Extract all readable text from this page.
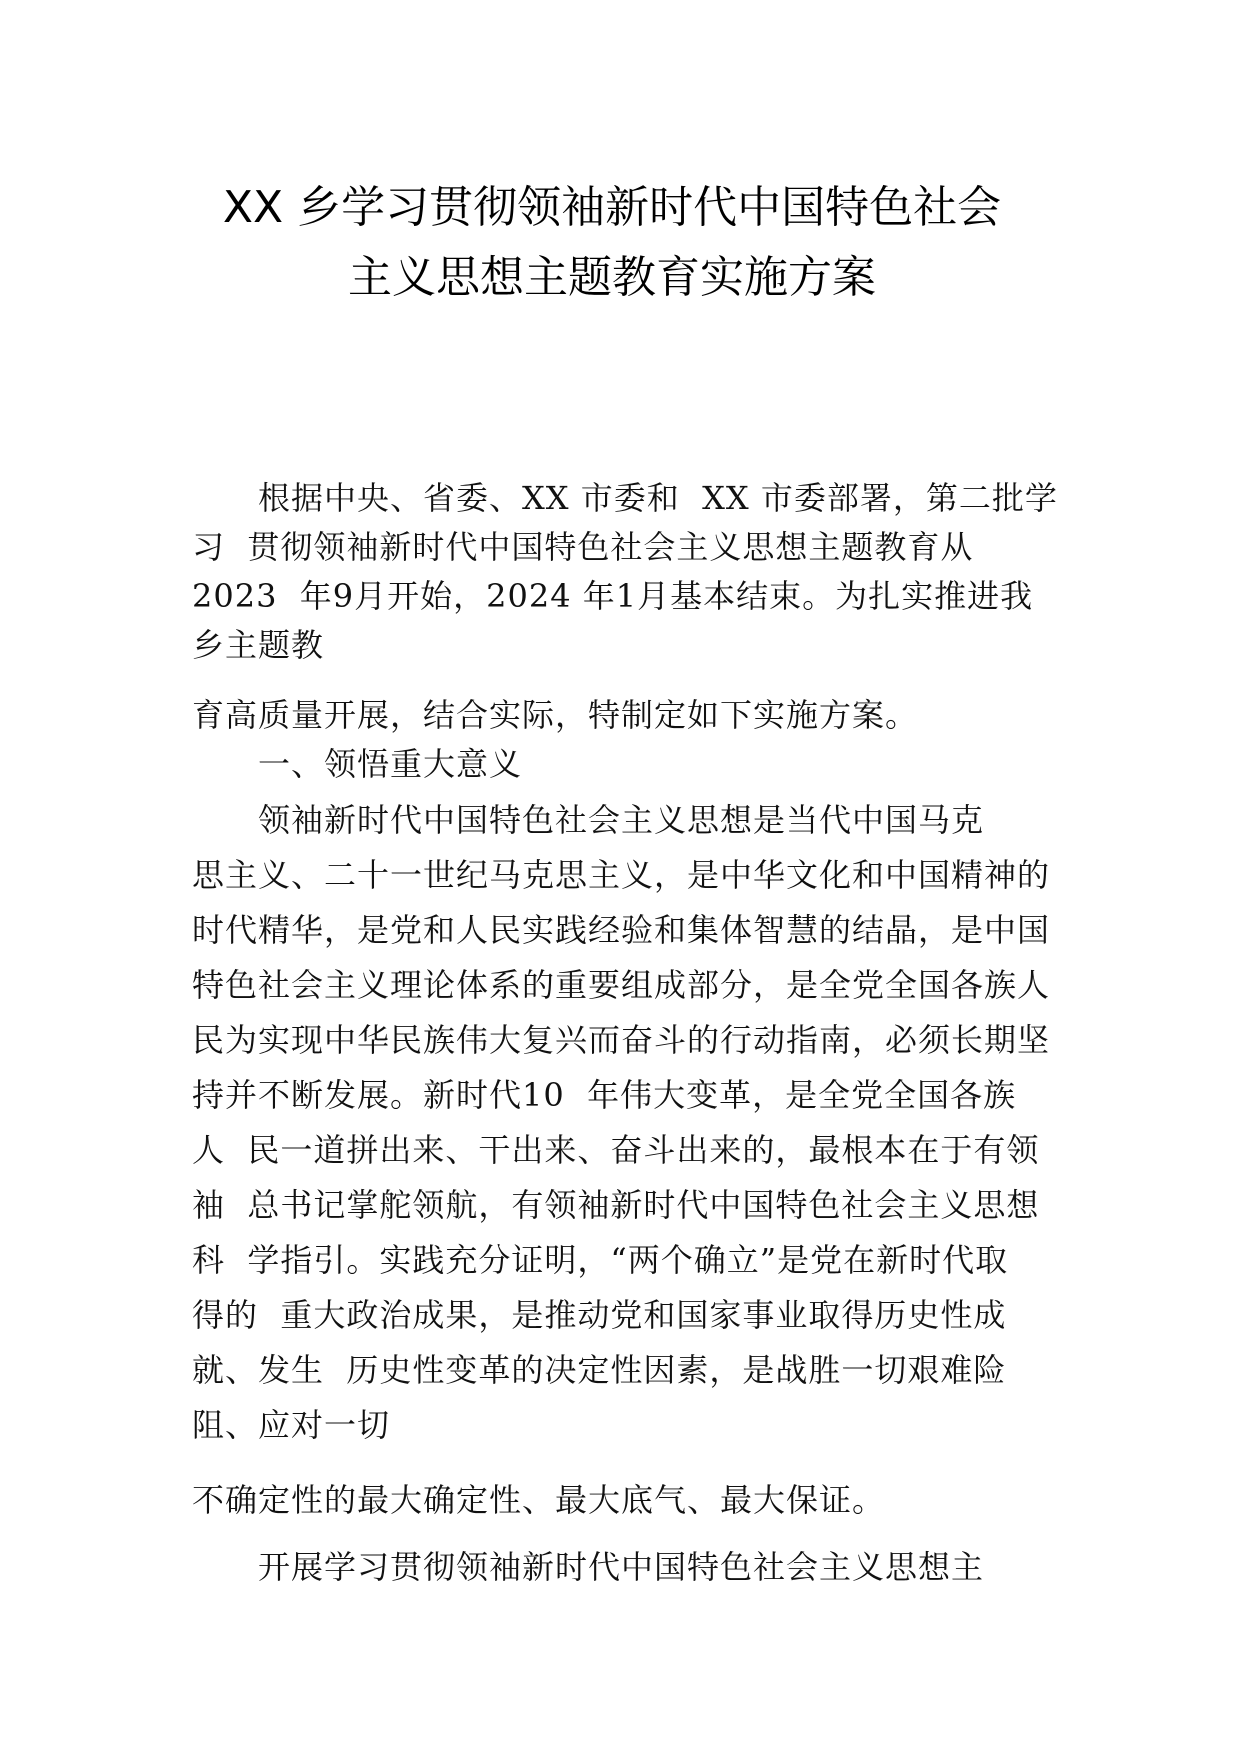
XX 乡学习贯彻领袖新时代中国特色社会
主义思想主题教育实施方案
根据中央、省委、XX 市委和  XX 市委部署，第二批学
习  贯彻领袖新时代中国特色社会主义思想主题教育从
2023  年9月开始，2024 年1月基本结束。为扎实推进我
乡主题教
育高质量开展，结合实际，特制定如下实施方案。
一、领悟重大意义
领袖新时代中国特色社会主义思想是当代中国马克
思主义、二十一世纪马克思主义，是中华文化和中国精神的
时代精华，是党和人民实践经验和集体智慧的结晶，是中国
特色社会主义理论体系的重要组成部分，是全党全国各族人
民为实现中华民族伟大复兴而奋斗的行动指南，必须长期坚
持并不断发展。新时代10  年伟大变革，是全党全国各族
人  民一道拼出来、干出来、奋斗出来的，最根本在于有领
袖  总书记掌舵领航，有领袖新时代中国特色社会主义思想
科  学指引。实践充分证明，“两个确立”是党在新时代取
得的  重大政治成果，是推动党和国家事业取得历史性成
就、发生  历史性变革的决定性因素，是战胜一切艰难险
阻、应对一切
不确定性的最大确定性、最大底气、最大保证。
开展学习贯彻领袖新时代中国特色社会主义思想主
